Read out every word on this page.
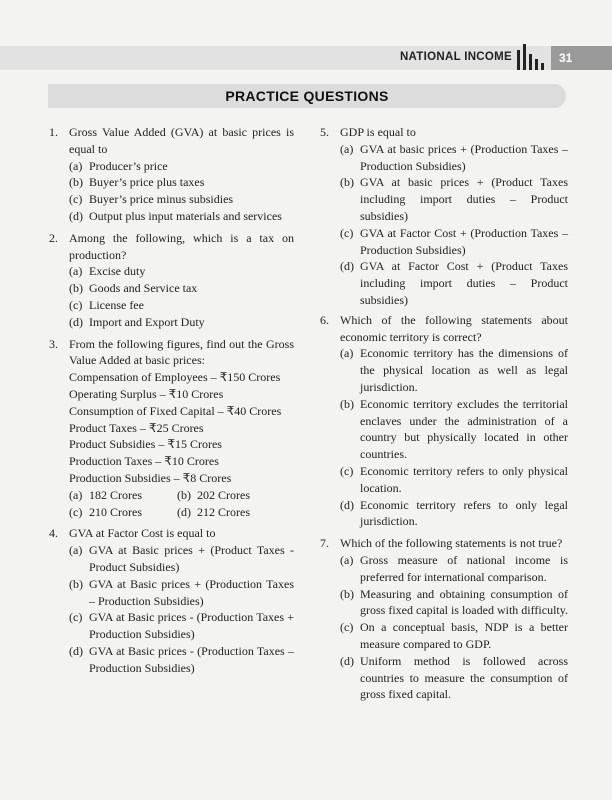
NATIONAL INCOME	31
PRACTICE QUESTIONS
1. Gross Value Added (GVA) at basic prices is equal to
(a) Producer’s price
(b) Buyer’s price plus taxes
(c) Buyer’s price minus subsidies
(d) Output plus input materials and services
2. Among the following, which is a tax on production?
(a) Excise duty
(b) Goods and Service tax
(c) License fee
(d) Import and Export Duty
3. From the following figures, find out the Gross Value Added at basic prices:
Compensation of Employees – ₹150 Crores
Operating Surplus – ₹10 Crores
Consumption of Fixed Capital – ₹40 Crores
Product Taxes – ₹25 Crores
Product Subsidies – ₹15 Crores
Production Taxes – ₹10 Crores
Production Subsidies – ₹8 Crores
(a) 182 Crores	(b) 202 Crores
(c) 210 Crores	(d) 212 Crores
4. GVA at Factor Cost is equal to
(a) GVA at Basic prices + (Product Taxes - Product Subsidies)
(b) GVA at Basic prices + (Production Taxes – Production Subsidies)
(c) GVA at Basic prices - (Production Taxes + Production Subsidies)
(d) GVA at Basic prices - (Production Taxes – Production Subsidies)
5. GDP is equal to
(a) GVA at basic prices + (Production Taxes – Production Subsidies)
(b) GVA at basic prices + (Product Taxes including import duties – Product subsidies)
(c) GVA at Factor Cost + (Production Taxes – Production Subsidies)
(d) GVA at Factor Cost + (Product Taxes including import duties – Product subsidies)
6. Which of the following statements about economic territory is correct?
(a) Economic territory has the dimensions of the physical location as well as legal jurisdiction.
(b) Economic territory excludes the territorial enclaves under the administration of a country but physically located in other countries.
(c) Economic territory refers to only physical location.
(d) Economic territory refers to only legal jurisdiction.
7. Which of the following statements is not true?
(a) Gross measure of national income is preferred for international comparison.
(b) Measuring and obtaining consumption of gross fixed capital is loaded with difficulty.
(c) On a conceptual basis, NDP is a better measure compared to GDP.
(d) Uniform method is followed across countries to measure the consumption of gross fixed capital.
